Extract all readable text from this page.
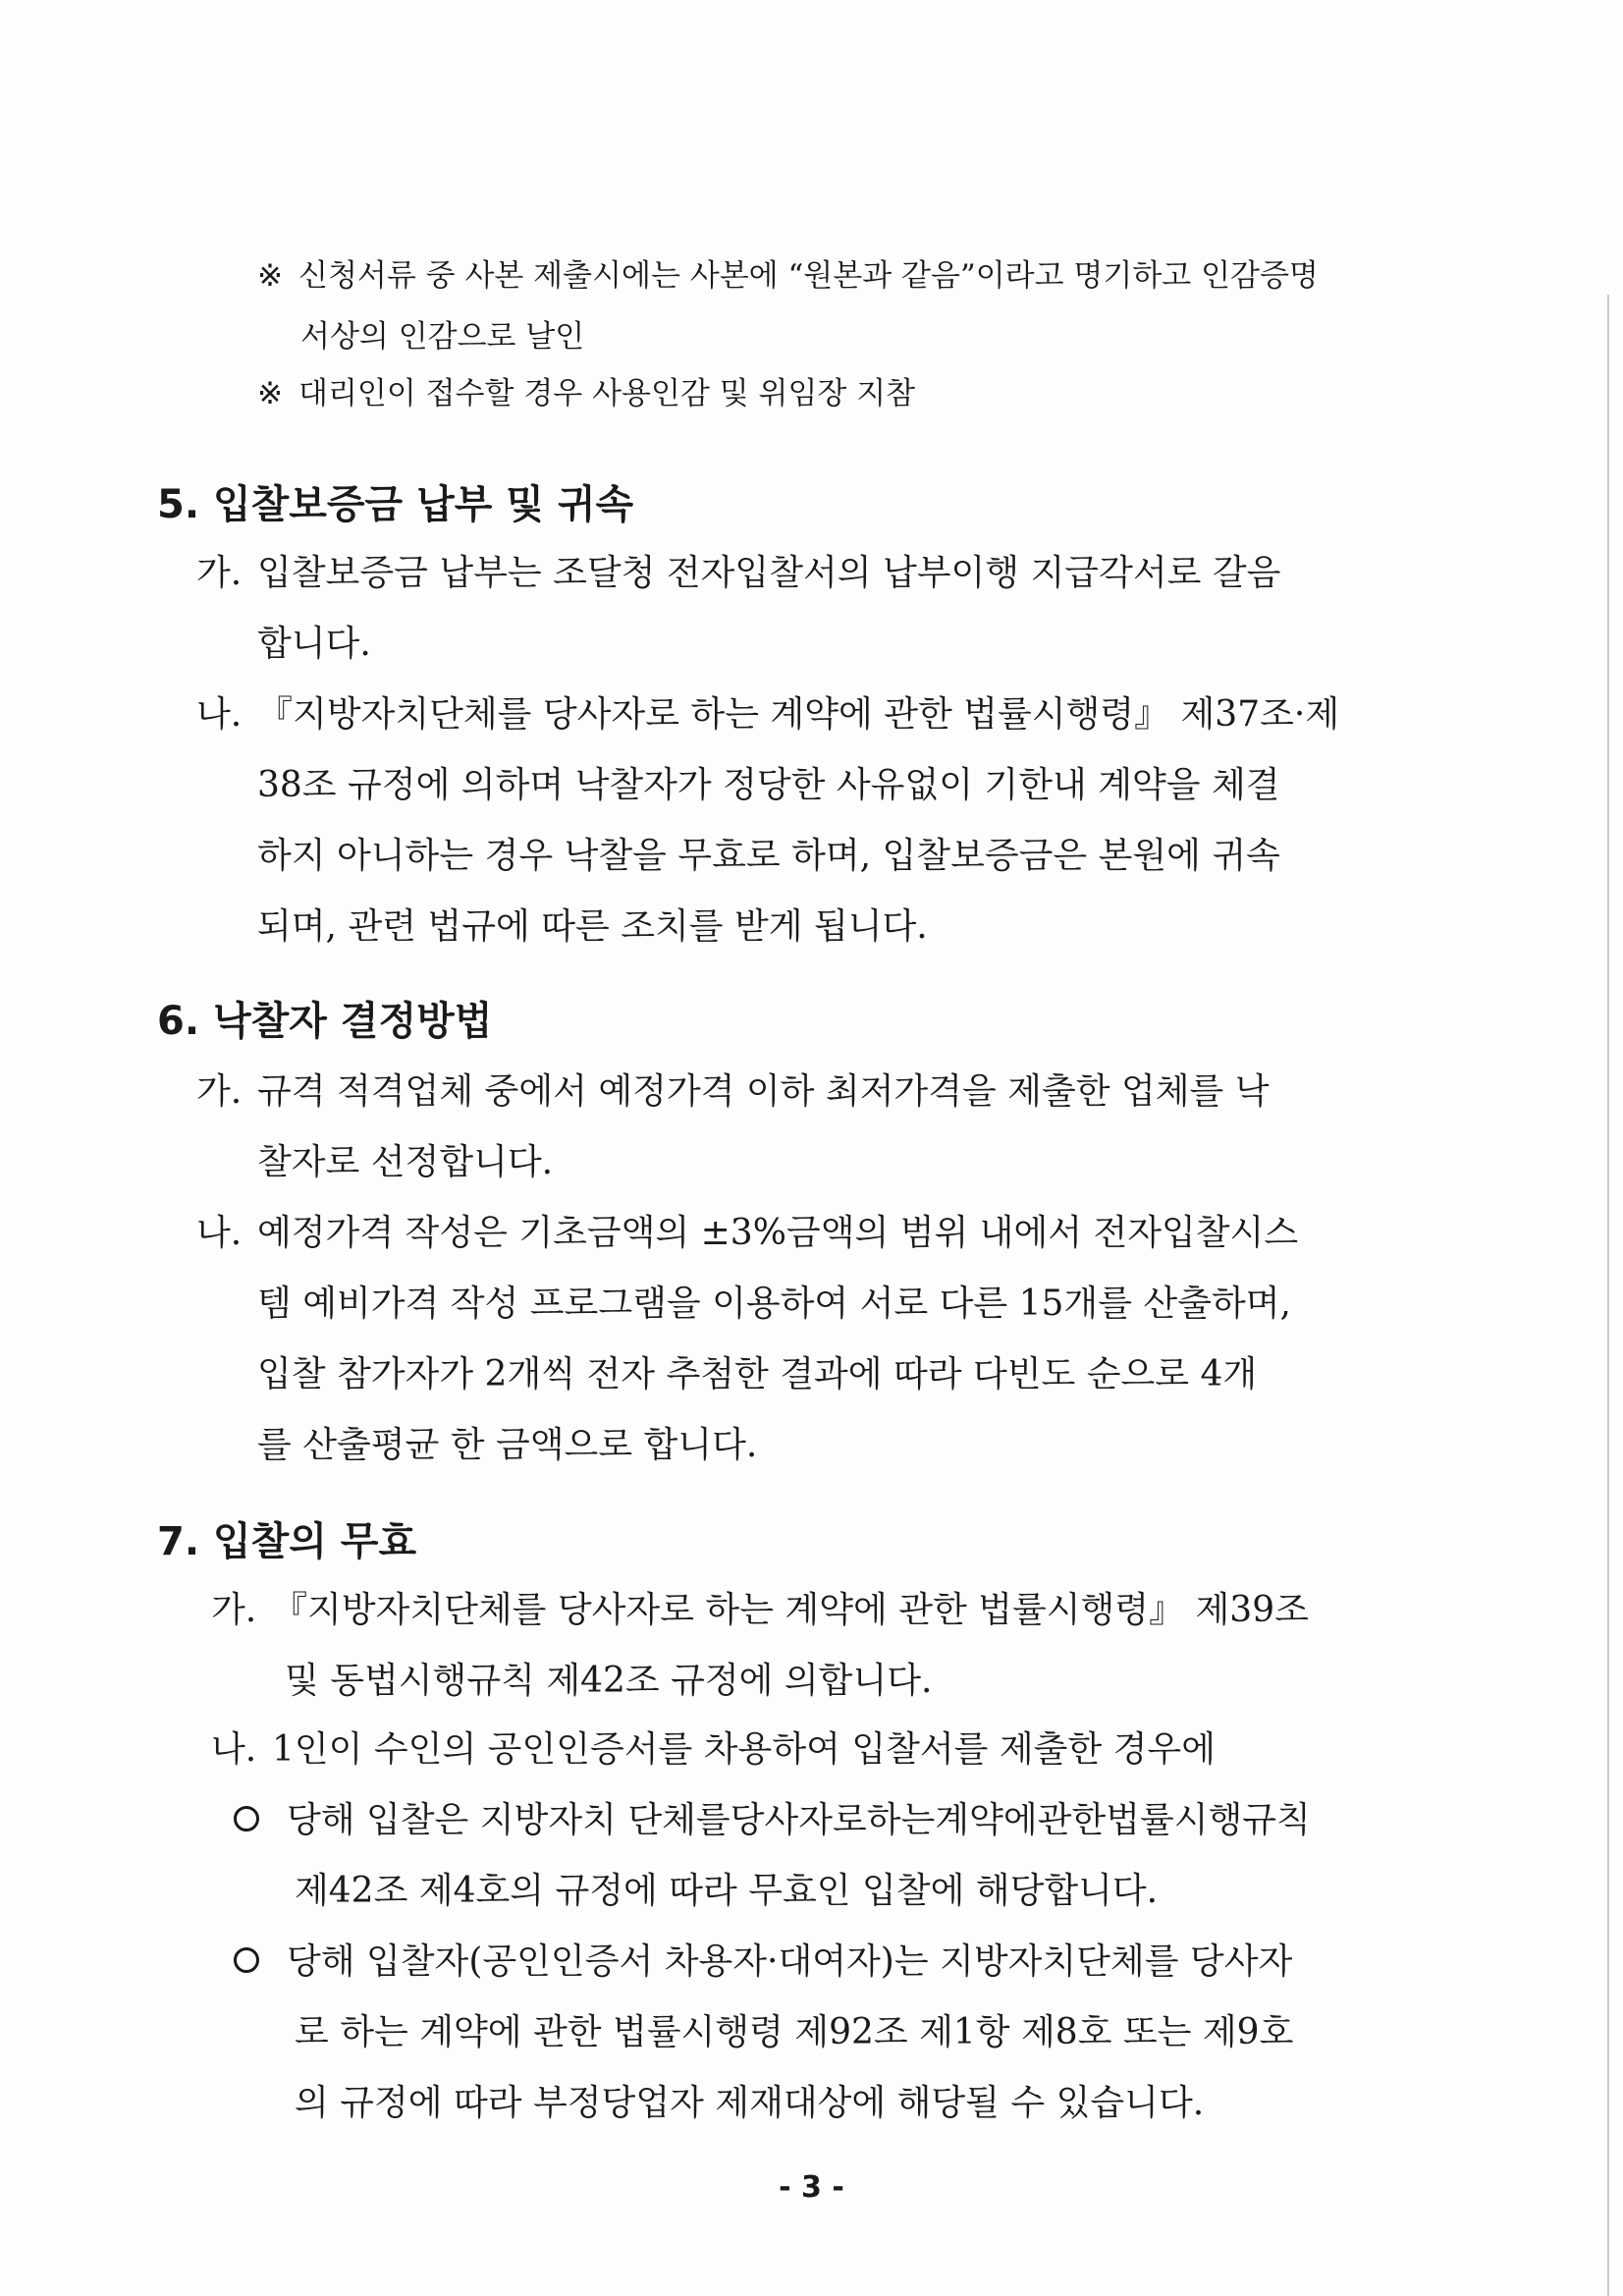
※ 신청서류 중 사본 제출시에는 사본에 “원본과 같음”이라고 명기하고 인감증명
서상의 인감으로 날인
※ 대리인이 접수할 경우 사용인감 및 위임장 지참
5. 입찰보증금 납부 및 귀속
가. 입찰보증금 납부는 조달청 전자입찰서의 납부이행 지급각서로 갈음
합니다.
나. 『지방자치단체를 당사자로 하는 계약에 관한 법률시행령』 제37조·제
38조 규정에 의하며 낙찰자가 정당한 사유없이 기한내 계약을 체결
하지 아니하는 경우 낙찰을 무효로 하며, 입찰보증금은 본원에 귀속
되며, 관련 법규에 따른 조치를 받게 됩니다.
6. 낙찰자 결정방법
가. 규격 적격업체 중에서 예정가격 이하 최저가격을 제출한 업체를 낙
찰자로 선정합니다.
나. 예정가격 작성은 기초금액의 ±3%금액의 범위 내에서 전자입찰시스
템 예비가격 작성 프로그램을 이용하여 서로 다른 15개를 산출하며,
입찰 참가자가 2개씩 전자 추첨한 결과에 따라 다빈도 순으로 4개
를 산출평균 한 금액으로 합니다.
7. 입찰의 무효
가. 『지방자치단체를 당사자로 하는 계약에 관한 법률시행령』 제39조
및 동법시행규칙 제42조 규정에 의합니다.
나. 1인이 수인의 공인인증서를 차용하여 입찰서를 제출한 경우에
당해 입찰은 지방자치 단체를당사자로하는계약에관한법률시행규칙
제42조 제4호의 규정에 따라 무효인 입찰에 해당합니다.
당해 입찰자(공인인증서 차용자·대여자)는 지방자치단체를 당사자
로 하는 계약에 관한 법률시행령 제92조 제1항 제8호 또는 제9호
의 규정에 따라 부정당업자 제재대상에 해당될 수 있습니다.
- 3 -
